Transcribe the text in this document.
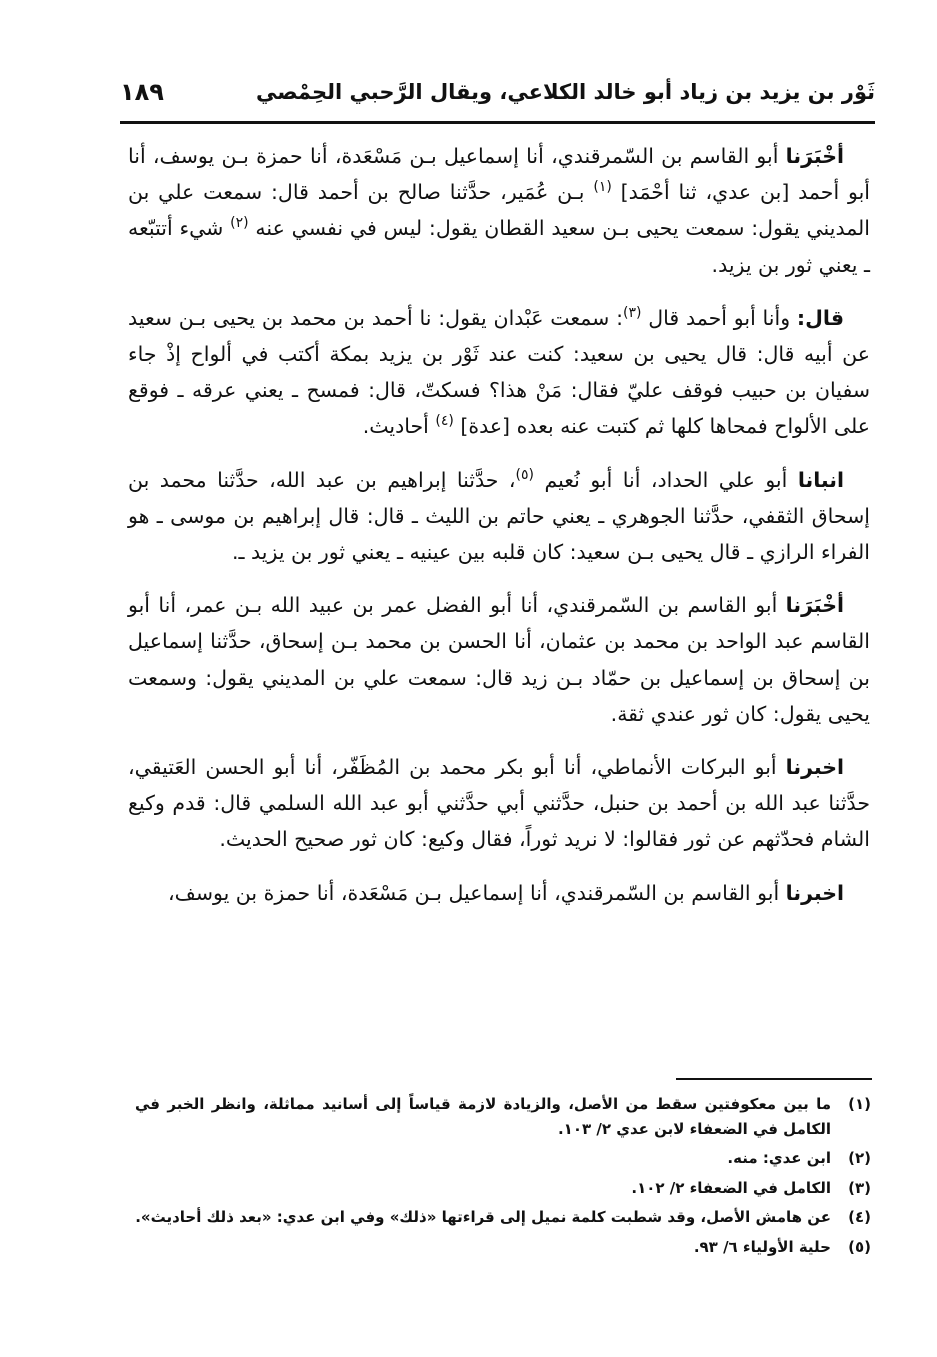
ثَوْر بن يزيد بن زياد أبو خالد الكلاعي، ويقال الرَّحبي الحِمْصي
١٨٩

أخْبَرَنا أبو القاسم بن السّمرقندي، أنا إسماعيل بـن مَسْعَدة، أنا حمزة بـن يوسف، أنا أبو أحمد [بن عدي، ثنا أحْمَد] $^{(١)}$ بـن عُمَير، حدَّثنا صالح بن أحمد قال: سمعت علي بن المديني يقول: سمعت يحيى بـن سعيد القطان يقول: ليس في نفسي عنه $^{(٢)}$ شيء أتتبّعه ـ يعني ثور بن يزيد.

قال: وأنا أبو أحمد قال $^{(٣)}$: سمعت عَبْدان يقول: نا أحمد بن محمد بن يحيى بـن سعيد عن أبيه قال: قال يحيى بن سعيد: كنت عند ثَوْر بن يزيد بمكة أكتب في ألواح إذْ جاء سفيان بن حبيب فوقف عليّ فقال: مَنْ هذا؟ فسكتّ، قال: فمسح ـ يعني عرقه ـ فوقع على الألواح فمحاها كلها ثم كتبت عنه بعده [عدة] $^{(٤)}$ أحاديث.

انبانا أبو علي الحداد، أنا أبو نُعيم $^{(٥)}$، حدَّثنا إبراهيم بن عبد الله، حدَّثنا محمد بن إسحاق الثقفي، حدَّثنا الجوهري ـ يعني حاتم بن الليث ـ قال: قال إبراهيم بن موسى ـ هو الفراء الرازي ـ قال يحيى بـن سعيد: كان قلبه بين عينيه ـ يعني ثور بن يزيد ـ.

أخْبَرَنا أبو القاسم بن السّمرقندي، أنا أبو الفضل عمر بن عبيد الله بـن عمر، أنا أبو القاسم عبد الواحد بن محمد بن عثمان، أنا الحسن بن محمد بـن إسحاق، حدَّثنا إسماعيل بن إسحاق بن إسماعيل بن حمّاد بـن زيد قال: سمعت علي بن المديني يقول: وسمعت يحيى يقول: كان ثور عندي ثقة.

اخبرنا أبو البركات الأنماطي، أنا أبو بكر محمد بن المُظَفّر، أنا أبو الحسن العَتيقي، حدَّثنا عبد الله بن أحمد بن حنبل، حدَّثني أبي حدَّثني أبو عبد الله السلمي قال: قدم وكيع الشام فحدّثهم عن ثور فقالوا: لا نريد ثوراً، فقال وكيع: كان ثور صحيح الحديث.

اخبرنا أبو القاسم بن السّمرقندي، أنا إسماعيل بـن مَسْعَدة، أنا حمزة بن يوسف،

(١)
ما بين معكوفتين سقط من الأصل، والزيادة لازمة قياساً إلى أسانيد مماثلة، وانظر الخبر في الكامل في الضعفاء لابن عدي ٢/ ١٠٣.
(٢)
ابن عدي: منه.
(٣)
الكامل في الضعفاء ٢/ ١٠٢.
(٤)
عن هامش الأصل، وقد شطبت كلمة نميل إلى قراءتها «ذلك» وفي ابن عدي: «بعد ذلك أحاديث».
(٥)
حلية الأولياء ٦/ ٩٣.
